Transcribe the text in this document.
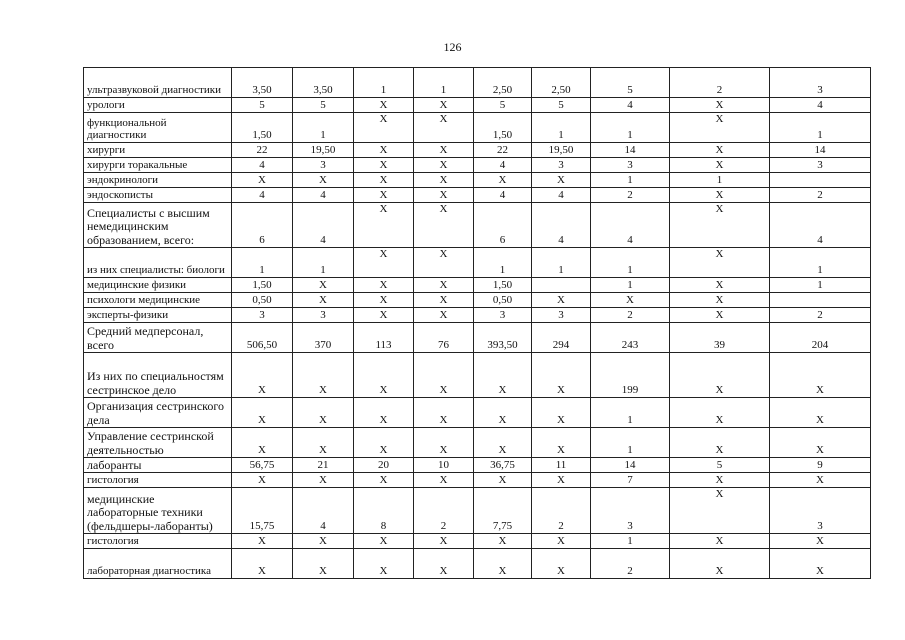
126
ультразвуковой диагностики	3,50	3,50	1	1	2,50	2,50	5	2	3
урологи	5	5	Х	Х	5	5	4	Х	4
функциональной диагностики	1,50	1	Х	Х	1,50	1	1	Х	1
хирурги	22	19,50	Х	Х	22	19,50	14	Х	14
хирурги торакальные	4	3	Х	Х	4	3	3	Х	3
эндокринологи	Х	Х	Х	Х	Х	Х	1	1	
эндоскописты	4	4	Х	Х	4	4	2	Х	2
Специалисты с высшим немедицинским образованием, всего:	6	4	Х	Х	6	4	4	Х	4
из них специалисты: биологи	1	1	Х	Х	1	1	1	Х	1
медицинские физики	1,50	Х	Х	Х	1,50		1	Х	1
психологи медицинские	0,50	Х	Х	Х	0,50	Х	Х	Х	
эксперты-физики	3	3	Х	Х	3	3	2	Х	2
Средний медперсонал, всего	506,50	370	113	76	393,50	294	243	39	204
Из них по специальностям сестринское дело	Х	Х	Х	Х	Х	Х	199	Х	Х
Организация сестринского дела	Х	Х	Х	Х	Х	Х	1	Х	Х
Управление сестринской деятельностью	Х	Х	Х	Х	Х	Х	1	Х	Х
лаборанты	56,75	21	20	10	36,75	11	14	5	9
гистология	Х	Х	Х	Х	Х	Х	7	Х	Х
медицинские лабораторные техники (фельдшеры-лаборанты)	15,75	4	8	2	7,75	2	3	Х	3
гистология	Х	Х	Х	Х	Х	Х	1	Х	Х
лабораторная диагностика	Х	Х	Х	Х	Х	Х	2	Х	Х
